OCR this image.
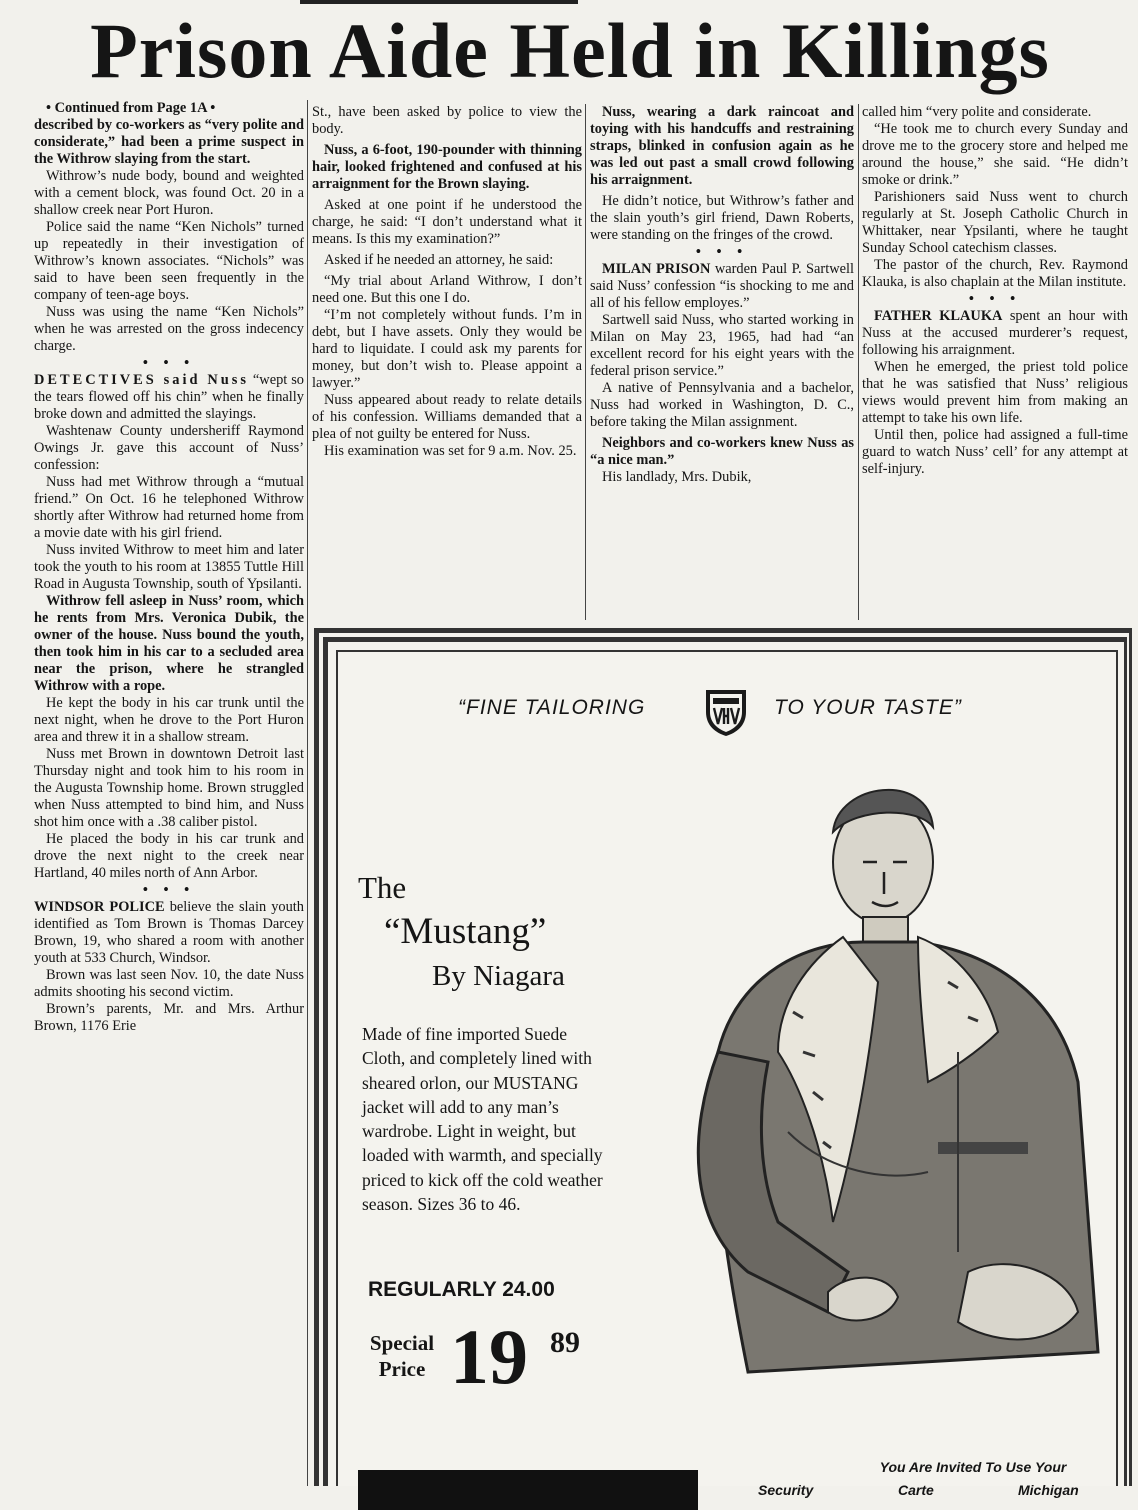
Prison Aide Held in Killings

• Continued from Page 1A •

described by co-workers as “very polite and considerate,” had been a prime suspect in the Withrow slaying from the start.

Withrow’s nude body, bound and weighted with a cement block, was found Oct. 20 in a shallow creek near Port Huron.

Police said the name “Ken Nichols” turned up repeatedly in their investigation of Withrow’s known associates. “Nichols” was said to have been seen frequently in the company of teen-age boys.

Nuss was using the name “Ken Nichols” when he was arrested on the gross indecency charge.

• • •

DETECTIVES said Nuss “wept so the tears flowed off his chin” when he finally broke down and admitted the slayings.

Washtenaw County undersheriff Raymond Owings Jr. gave this account of Nuss’ confession:

Nuss had met Withrow through a “mutual friend.” On Oct. 16 he telephoned Withrow shortly after Withrow had returned home from a movie date with his girl friend.

Nuss invited Withrow to meet him and later took the youth to his room at 13855 Tuttle Hill Road in Augusta Township, south of Ypsilanti.

Withrow fell asleep in Nuss’ room, which he rents from Mrs. Veronica Dubik, the owner of the house. Nuss bound the youth, then took him in his car to a secluded area near the prison, where he strangled Withrow with a rope.

He kept the body in his car trunk until the next night, when he drove to the Port Huron area and threw it in a shallow stream.

Nuss met Brown in downtown Detroit last Thursday night and took him to his room in the Augusta Township home. Brown struggled when Nuss attempted to bind him, and Nuss shot him once with a .38 caliber pistol.

He placed the body in his car trunk and drove the next night to the creek near Hartland, 40 miles north of Ann Arbor.

• • •

WINDSOR POLICE believe the slain youth identified as Tom Brown is Thomas Darcey Brown, 19, who shared a room with another youth at 533 Church, Windsor.

Brown was last seen Nov. 10, the date Nuss admits shooting his second victim.

Brown’s parents, Mr. and Mrs. Arthur Brown, 1176 Erie

St., have been asked by police to view the body.

Nuss, a 6-foot, 190-pounder with thinning hair, looked frightened and confused at his arraignment for the Brown slaying.

Asked at one point if he understood the charge, he said: “I don’t understand what it means. Is this my examination?”

Asked if he needed an attorney, he said:

“My trial about Arland Withrow, I don’t need one. But this one I do.

“I’m not completely without funds. I’m in debt, but I have assets. Only they would be hard to liquidate. I could ask my parents for money, but don’t wish to. Please appoint a lawyer.”

Nuss appeared about ready to relate details of his confession. Williams demanded that a plea of not guilty be entered for Nuss.

His examination was set for 9 a.m. Nov. 25.

Nuss, wearing a dark raincoat and toying with his handcuffs and restraining straps, blinked in confusion again as he was led out past a small crowd following his arraignment.

He didn’t notice, but Withrow’s father and the slain youth’s girl friend, Dawn Roberts, were standing on the fringes of the crowd.

• • •

MILAN PRISON warden Paul P. Sartwell said Nuss’ confession “is shocking to me and all of his fellow employes.”

Sartwell said Nuss, who started working in Milan on May 23, 1965, had had “an excellent record for his eight years with the federal prison service.”

A native of Pennsylvania and a bachelor, Nuss had worked in Washington, D. C., before taking the Milan assignment.

Neighbors and co-workers knew Nuss as “a nice man.”

His landlady, Mrs. Dubik,

called him “very polite and considerate.

“He took me to church every Sunday and drove me to the grocery store and helped me around the house,” she said. “He didn’t smoke or drink.”

Parishioners said Nuss went to church regularly at St. Joseph Catholic Church in Whittaker, near Ypsilanti, where he taught Sunday School catechism classes.

The pastor of the church, Rev. Raymond Klauka, is also chaplain at the Milan institute.

• • •

FATHER KLAUKA spent an hour with Nuss at the accused murderer’s request, following his arraignment.

When he emerged, the priest told police that he was satisfied that Nuss’ religious views would prevent him from making an attempt to take his own life.

Until then, police had assigned a full-time guard to watch Nuss’ cell’ for any attempt at self-injury.

“FINE TAILORING	TO YOUR TASTE”
The
“Mustang”
By Niagara
Made of fine imported Suede Cloth, and completely lined with sheared orlon, our MUSTANG jacket will add to any man’s wardrobe. Light in weight, but loaded with warmth, and specially priced to kick off the cold weather season. Sizes 36 to 46.
REGULARLY 24.00
Special Price 19 89
You Are Invited To Use Your
Security	Carte	Michigan
